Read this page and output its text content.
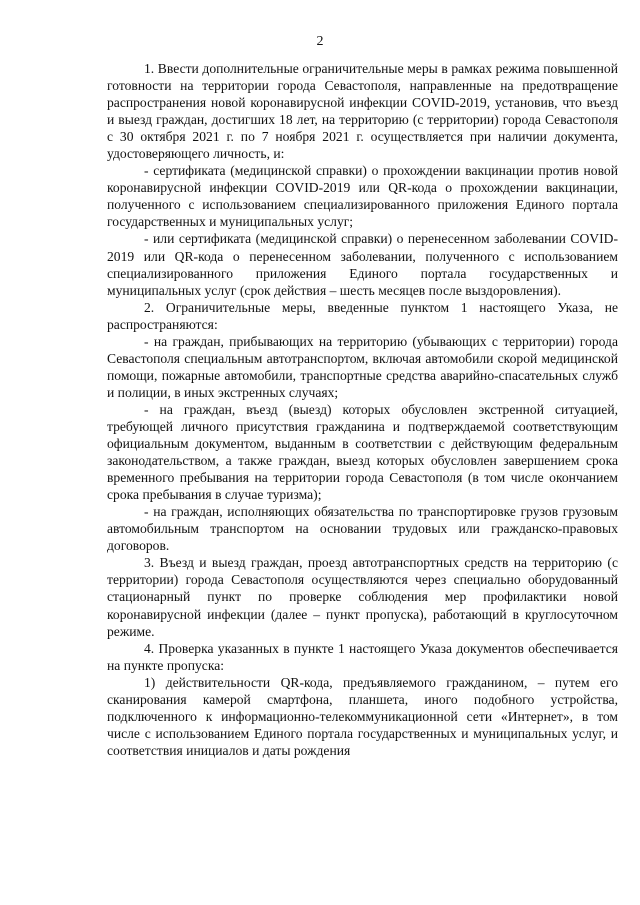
2

1. Ввести дополнительные ограничительные меры в рамках режима повышенной готовности на территории города Севастополя, направленные на предотвращение распространения новой коронавирусной инфекции COVID-2019, установив, что въезд и выезд граждан, достигших 18 лет, на территорию (с территории) города Севастополя с 30 октября 2021 г. по 7 ноября 2021 г. осуществляется при наличии документа, удостоверяющего личность, и:

- сертификата (медицинской справки) о прохождении вакцинации против новой коронавирусной инфекции COVID-2019 или QR-кода о прохождении вакцинации, полученного с использованием специализированного приложения Единого портала государственных и муниципальных услуг;

- или сертификата (медицинской справки) о перенесенном заболевании COVID-2019 или QR-кода о перенесенном заболевании, полученного с использованием специализированного приложения Единого портала государственных и муниципальных услуг (срок действия – шесть месяцев после выздоровления).

2. Ограничительные меры, введенные пунктом 1 настоящего Указа, не распространяются:

- на граждан, прибывающих на территорию (убывающих с территории) города Севастополя специальным автотранспортом, включая автомобили скорой медицинской помощи, пожарные автомобили, транспортные средства аварийно-спасательных служб и полиции, в иных экстренных случаях;

- на граждан, въезд (выезд) которых обусловлен экстренной ситуацией, требующей личного присутствия гражданина и подтверждаемой соответствующим официальным документом, выданным в соответствии с действующим федеральным законодательством, а также граждан, выезд которых обусловлен завершением срока временного пребывания на территории города Севастополя (в том числе окончанием срока пребывания в случае туризма);

- на граждан, исполняющих обязательства по транспортировке грузов грузовым автомобильным транспортом на основании трудовых или гражданско-правовых договоров.

3. Въезд и выезд граждан, проезд автотранспортных средств на территорию (с территории) города Севастополя осуществляются через специально оборудованный стационарный пункт по проверке соблюдения мер профилактики новой коронавирусной инфекции (далее – пункт пропуска), работающий в круглосуточном режиме.

4. Проверка указанных в пункте 1 настоящего Указа документов обеспечивается на пункте пропуска:

1) действительности QR-кода, предъявляемого гражданином, – путем его сканирования камерой смартфона, планшета, иного подобного устройства, подключенного к информационно-телекоммуникационной сети «Интернет», в том числе с использованием Единого портала государственных и муниципальных услуг, и соответствия инициалов и даты рождения
